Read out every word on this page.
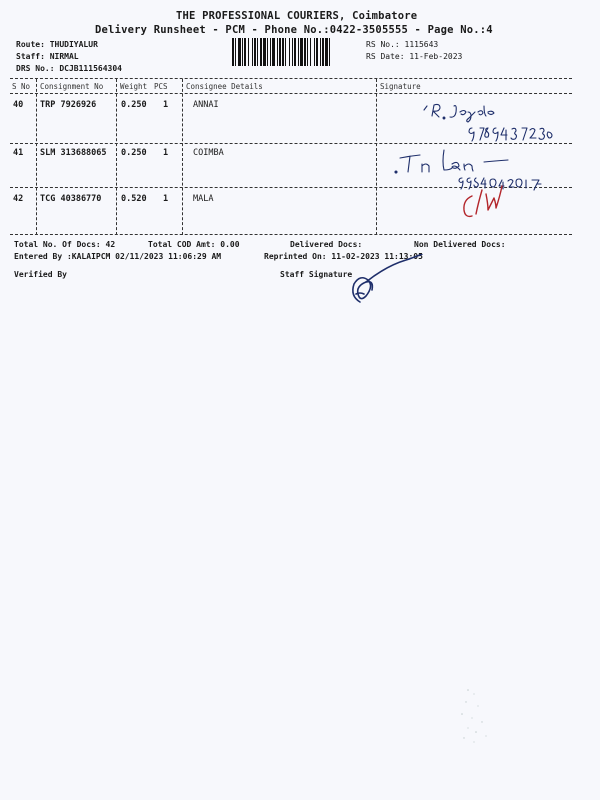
THE PROFESSIONAL COURIERS, Coimbatore
Delivery Runsheet - PCM - Phone No.:0422-3505555 - Page No.:4
Route: THUDIYALUR
Staff: NIRMAL
DRS No.: DCJB111564304
RS No.: 1115643
RS Date: 11-Feb-2023
S No Consignment No Weight PCS Consignee Details	Signature
40 TRP 7926926	0.250 1	ANNAI
41 SLM 313688065 0.250 1	COIMBA
42 TCG 40386770 0.520 1	MALA
Total No. Of Docs: 42	Total COD Amt: 0.00	Delivered Docs:	Non Delivered Docs:
Entered By :KALAIPCM 02/11/2023 11:06:29 AM	Reprinted On: 11-02-2023 11:13:05
Verified By	Staff Signature
